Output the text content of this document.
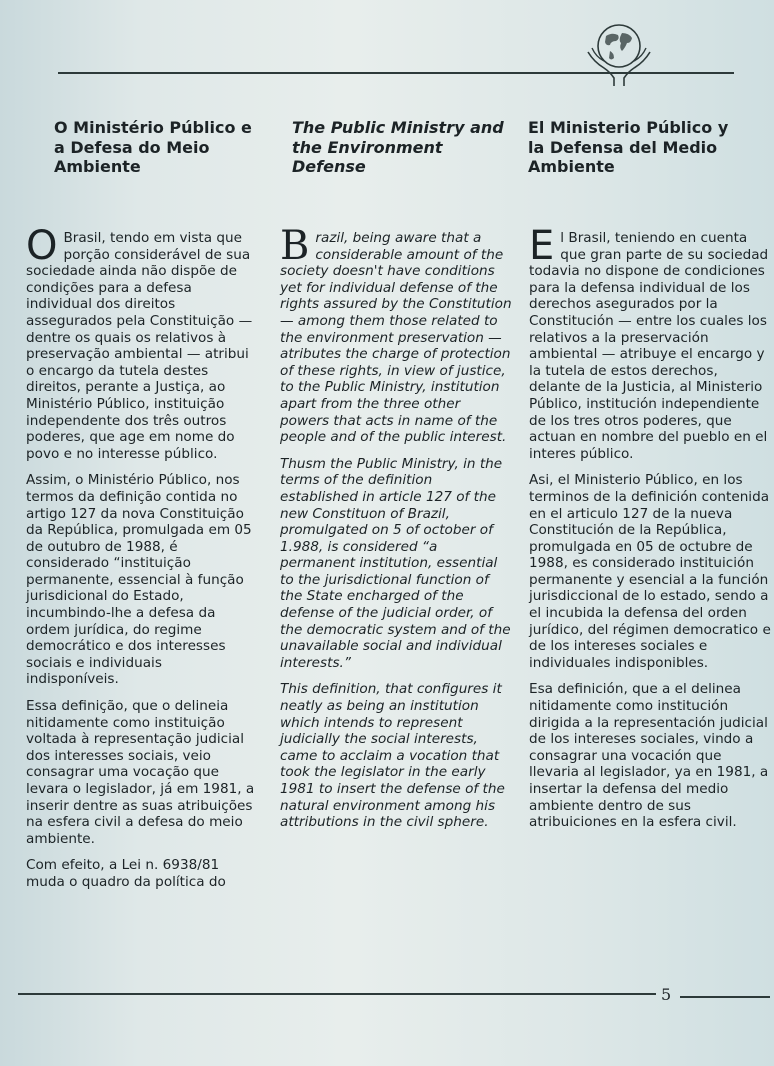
O Ministério Público e a Defesa do Meio Ambiente
The Public Ministry and the Environment Defense
El Ministerio Público y la Defensa del Medio Ambiente

O Brasil, tendo em vista que porção considerável de sua sociedade ainda não dispõe de condições para a defesa individual dos direitos assegurados pela Constituição — dentre os quais os relativos à preservação ambiental — atribui o encargo da tutela destes direitos, perante a Justiça, ao Ministério Público, instituição independente dos três outros poderes, que age em nome do povo e no interesse público.

Assim, o Ministério Público, nos termos da definição contida no artigo 127 da nova Constituição da República, promulgada em 05 de outubro de 1988, é considerado “instituição permanente, essencial à função jurisdicional do Estado, incumbindo-lhe a defesa da ordem jurídica, do regime democrático e dos interesses sociais e individuais indisponíveis.

Essa definição, que o delineia nitidamente como instituição voltada à representação judicial dos interesses sociais, veio consagrar uma vocação que levara o legislador, já em 1981, a inserir dentre as suas atribuições na esfera civil a defesa do meio ambiente.

Com efeito, a Lei n. 6938/81 muda o quadro da política do

Brazil, being aware that a considerable amount of the society doesn't have conditions yet for individual defense of the rights assured by the Constitution — among them those related to the environment preservation — atributes the charge of protection of these rights, in view of justice, to the Public Ministry, institution apart from the three other powers that acts in name of the people and of the public interest.

Thusm the Public Ministry, in the terms of the definition established in article 127 of the new Constituon of Brazil, promulgated on 5 of october of 1.988, is considered “a permanent institution, essential to the jurisdictional function of the State encharged of the defense of the judicial order, of the democratic system and of the unavailable social and individual interests.”

This definition, that configures it neatly as being an institution which intends to represent judicially the social interests, came to acclaim a vocation that took the legislator in the early 1981 to insert the defense of the natural environment among his attributions in the civil sphere.

El Brasil, teniendo en cuenta que gran parte de su sociedad todavia no dispone de condiciones para la defensa individual de los derechos asegurados por la Constitución — entre los cuales los relativos a la preservación ambiental — atribuye el encargo y la tutela de estos derechos, delante de la Justicia, al Ministerio Público, institución independiente de los tres otros poderes, que actuan en nombre del pueblo en el interes público.

Asi, el Ministerio Público, en los terminos de la definición contenida en el articulo 127 de la nueva Constitución de la República, promulgada en 05 de octubre de 1988, es considerado instituición permanente y esencial a la función jurisdiccional de lo estado, sendo a el incubida la defensa del orden jurídico, del régimen democratico e de los intereses sociales e individuales indisponibles.

Esa definición, que a el delinea nitidamente como institución dirigida a la representación judicial de los intereses sociales, vindo a consagrar una vocación que llevaria al legislador, ya en 1981, a insertar la defensa del medio ambiente dentro de sus atribuiciones en la esfera civil.

5
